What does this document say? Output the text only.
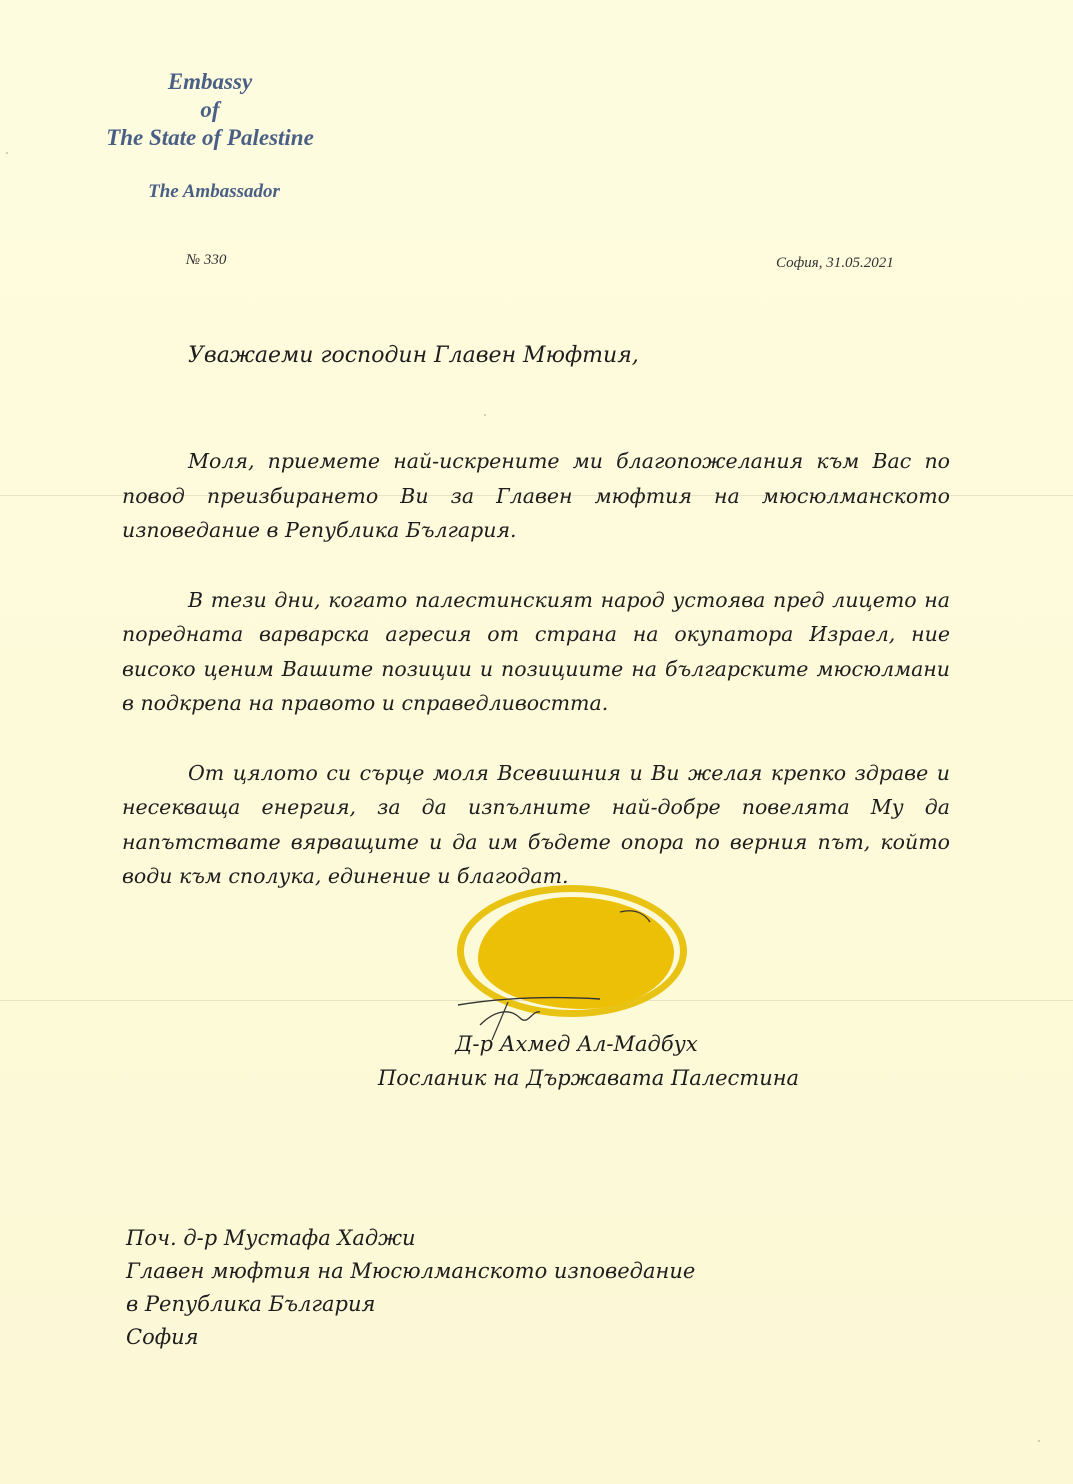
Embassy
of
The State of Palestine
The Ambassador
№ 330	София, 31.05.2021
Уважаеми господин Главен Мюфтия,

Моля, приемете най-искрените ми благопожелания към Вас по повод преизбирането Ви за Главен мюфтия на мюсюлманското изповедание в Република България.

В тези дни, когато палестинският народ устоява пред лицето на поредната варварска агресия от страна на окупатора Израел, ние високо ценим Вашите позиции и позициите на българските мюсюлмани в подкрепа на правото и справедливостта.

От цялото си сърце моля Всевишния и Ви желая крепко здраве и несекваща енергия, за да изпълните най-добре повелята Му да напътствате вярващите и да им бъдете опора по верния път, който води към сполука, единение и благодат.

Д-р Ахмед Ал-Мадбух
Посланик на Държавата Палестина
Поч. д-р Мустафа Хаджи
Главен мюфтия на Мюсюлманското изповедание
в Република България
София
